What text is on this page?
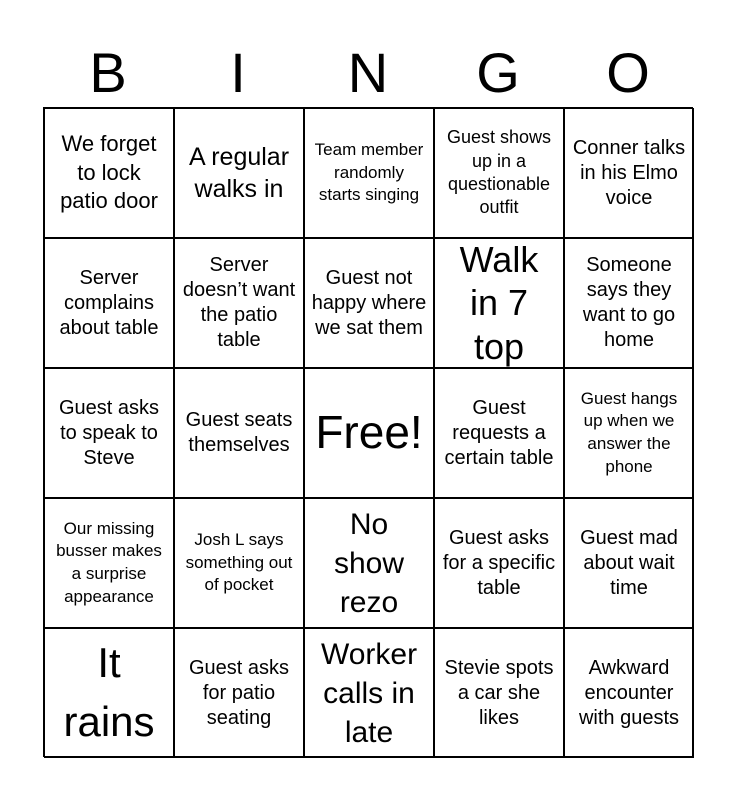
B	I	N	G	O
We forget to lock patio door
A regular walks in
Team member randomly starts singing
Guest shows up in a questionable outfit
Conner talks in his Elmo voice
Server complains about table
Server doesn’t want the patio table
Guest not happy where we sat them
Walk in 7 top
Someone says they want to go home
Guest asks to speak to Steve
Guest seats themselves Free!	Guest requests a certain table
Guest hangs up when we answer the phone
Our missing busser makes a surprise appearance
Josh L says something out of pocket
No show rezo
Guest asks for a specific table
Guest mad about wait time
It rains
Guest asks for patio seating
Worker calls in late
Stevie spots a car she likes
Awkward encounter with guests
